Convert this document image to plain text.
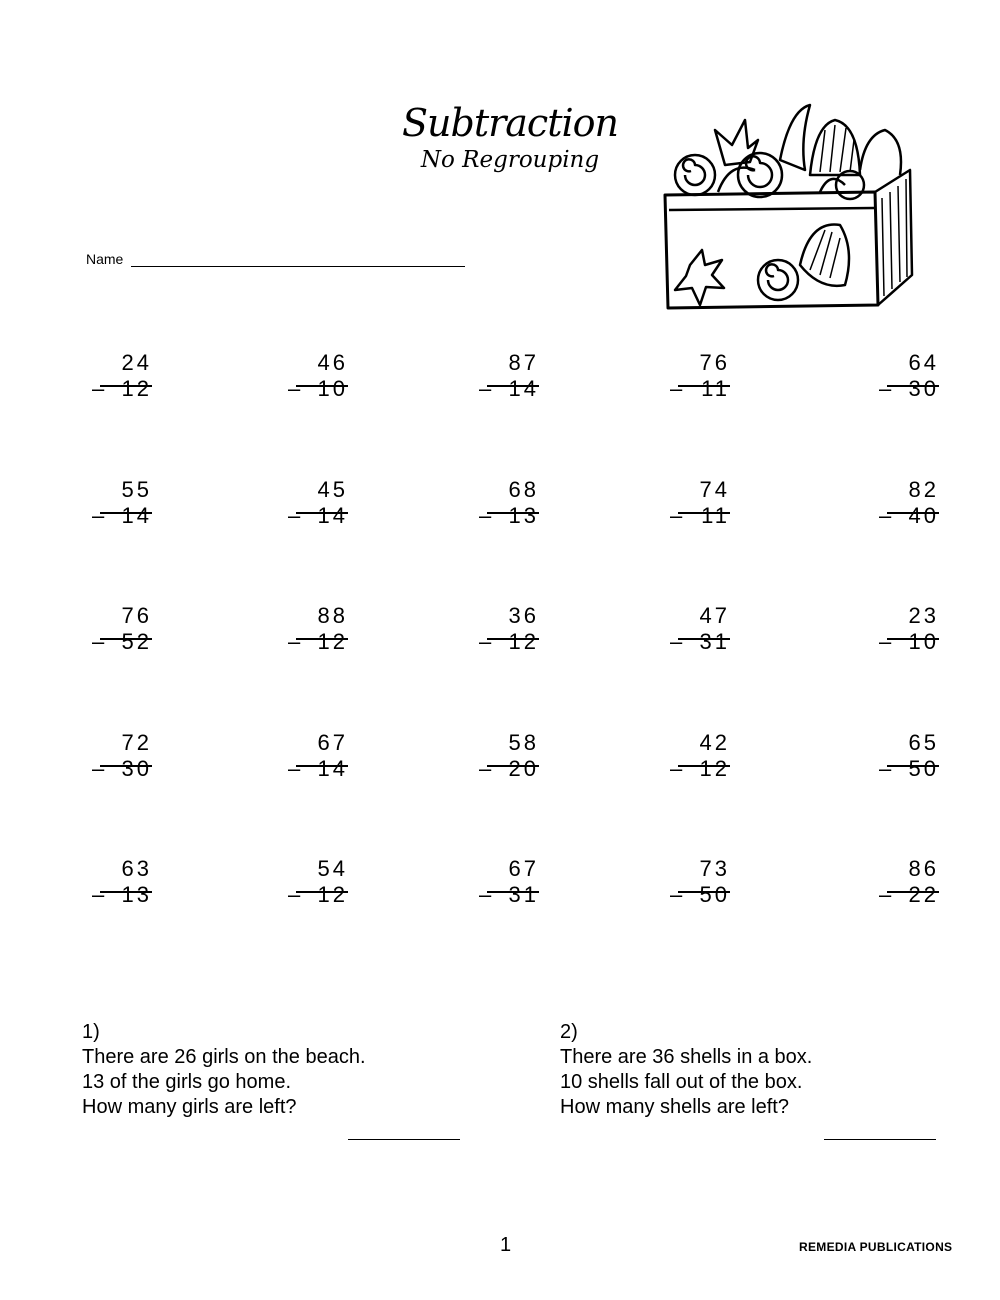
Subtraction
No Regrouping
Name
24
– 12
46
– 10
87
– 14
76
– 11
64
– 30
55
– 14
45
– 14
68
– 13
74
– 11
82
– 40
76
– 52
88
– 12
36
– 12
47
– 31
23
– 10
72
– 30
67
– 14
58
– 20
42
– 12
65
– 50
63
– 13
54
– 12
67
– 31
73
– 50
86
– 22
1)
There are 26 girls on the beach.
13 of the girls go home.
How many girls are left?
2)
There are 36 shells in a box.
10 shells fall out of the box.
How many shells are left?
1	REMEDIA PUBLICATIONS
